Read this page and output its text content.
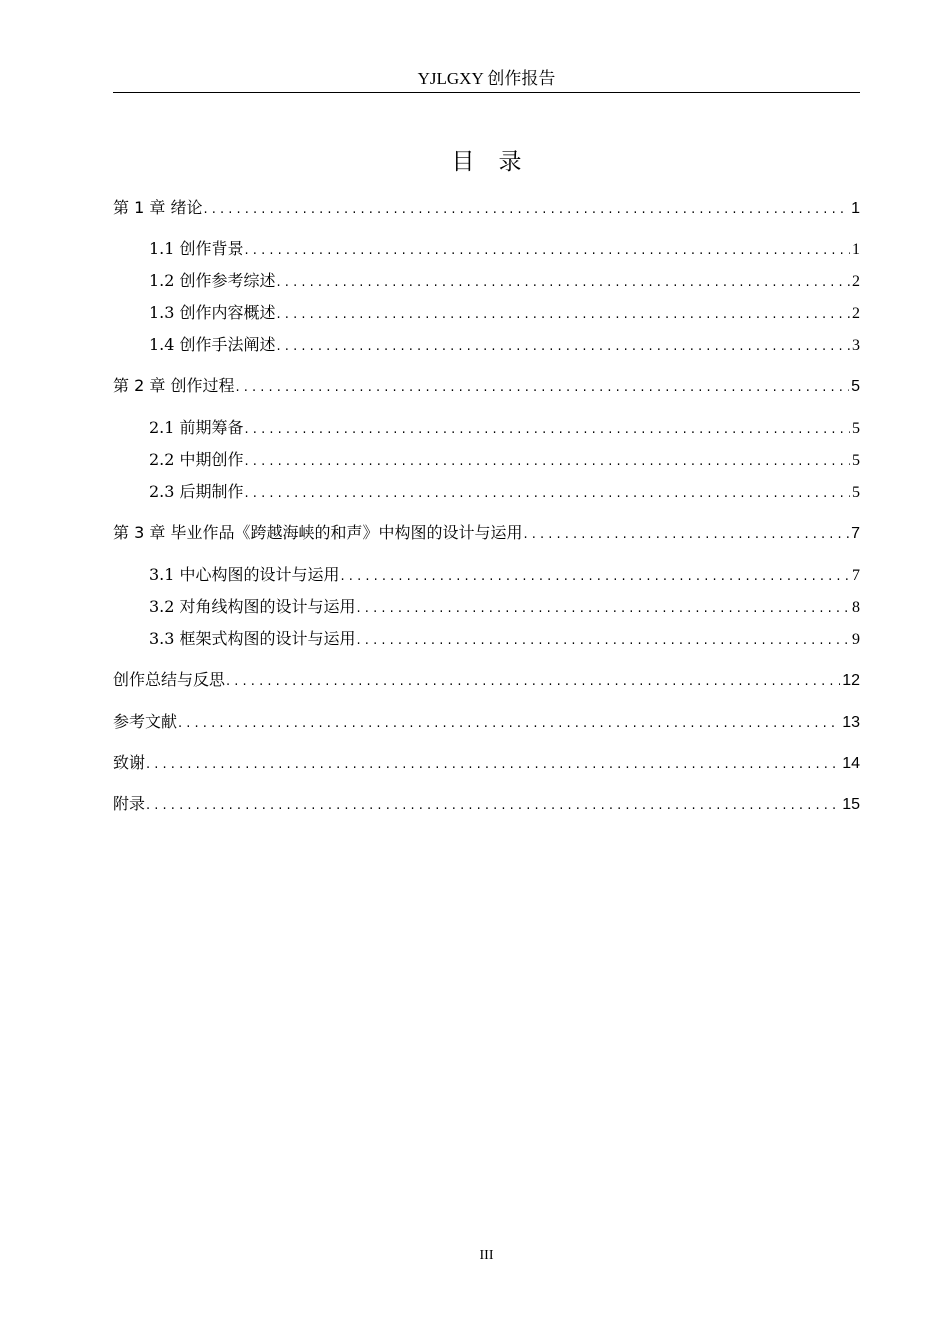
YJLGXY 创作报告
目录
第 1 章 绪论 . . .	1
1.1 创作背景 . . .	1
1.2 创作参考综述 . . .	2
1.3 创作内容概述 . . .	2
1.4 创作手法阐述 . . .	3
第 2 章 创作过程 . . .	5
2.1 前期筹备 . . .	5
2.2 中期创作 . . .	5
2.3 后期制作 . . .	5
第 3 章 毕业作品《跨越海峡的和声》中构图的设计与运用 . . .	7
3.1 中心构图的设计与运用 . . .	7
3.2 对角线构图的设计与运用 . . .	8
3.3 框架式构图的设计与运用 . . .	9
创作总结与反思 . . .	12
参考文献 . . .	13
致谢 . . .	14
附录 . . .	15
III
